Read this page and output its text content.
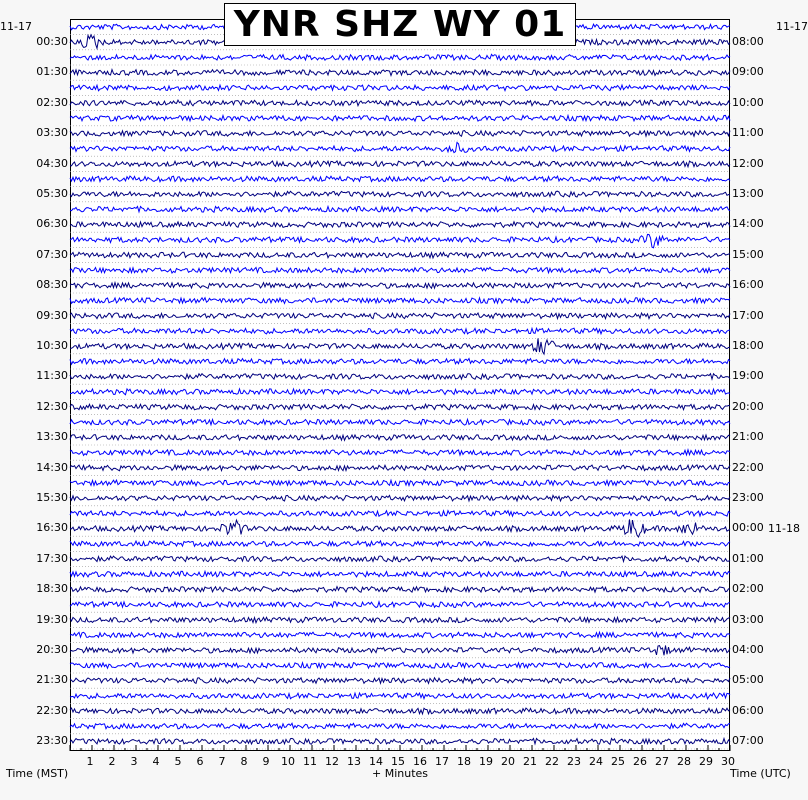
YNR SHZ WY 01
11-17	11-17
11-18
00:30
01:30
02:30
03:30
04:30
05:30
06:30
07:30
08:30
09:30
10:30
11:30
12:30
13:30
14:30
15:30
16:30
17:30
18:30
19:30
20:30
21:30
22:30
23:30
08:00
09:00
10:00
11:00
12:00
13:00
14:00
15:00
16:00
17:00
18:00
19:00
20:00
21:00
22:00
23:00
00:00
01:00
02:00
03:00
04:00
05:00
06:00
07:00
1	2	3	4	5	6	7	8	9	10 11 12 13 14 15 16 17 18 19 20 21 22 23 24 25 26 27 28 29 30
Time (MST)	+ Minutes	Time (UTC)
